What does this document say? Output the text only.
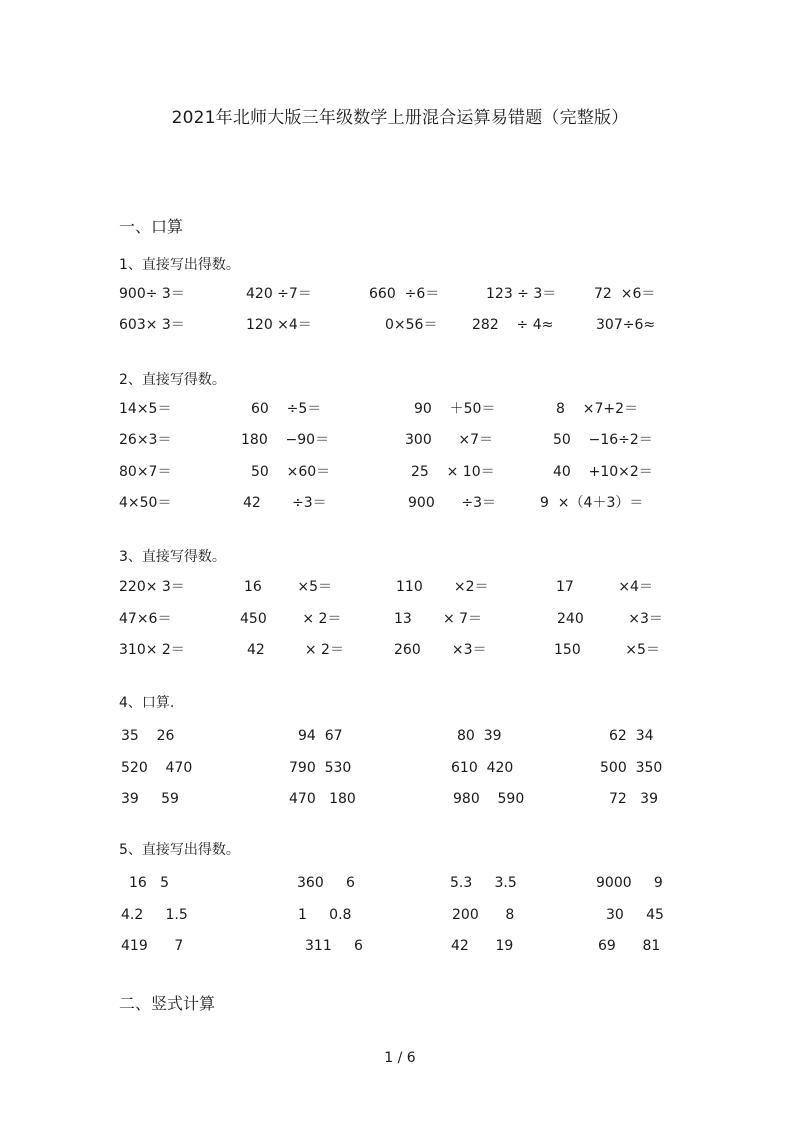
2021年北师大版三年级数学上册混合运算易错题（完整版）
一、口算
1、直接写出得数。
900÷ 3＝	420 ÷7＝	660  ÷6＝	123 ÷ 3＝	72  ×6＝
603× 3＝	120 ×4＝	0×56＝ 282    ÷ 4≈	307÷6≈
2、直接写得数。
14×5＝	60    ÷5＝	90    ＋50＝	8    ×7+2＝
26×3＝	180    −90＝	300      ×7＝	50    −16÷2＝
80×7＝	50    ×60＝	25    × 10＝	40    +10×2＝
4×50＝	42       ÷3＝	900      ÷3＝	9  ×（4＋3）＝
3、直接写得数。
220× 3＝	16        ×5＝	110       ×2＝	17          ×4＝
47×6＝	450        × 2＝	13       × 7＝	240          ×3＝
310× 2＝	42         × 2＝	260       ×3＝	150          ×5＝
4、口算.
35    26	94  67	80  39	62  34
520    470	790  530	610  420	500  350
39     59	470   180	980    590	72   39
5、直接写出得数。
16   5	360     6	5.3     3.5	9000     9
4.2     1.5	1     0.8	200      8	30     45
419      7	311     6	42      19	69      81
二、竖式计算
1 / 6
